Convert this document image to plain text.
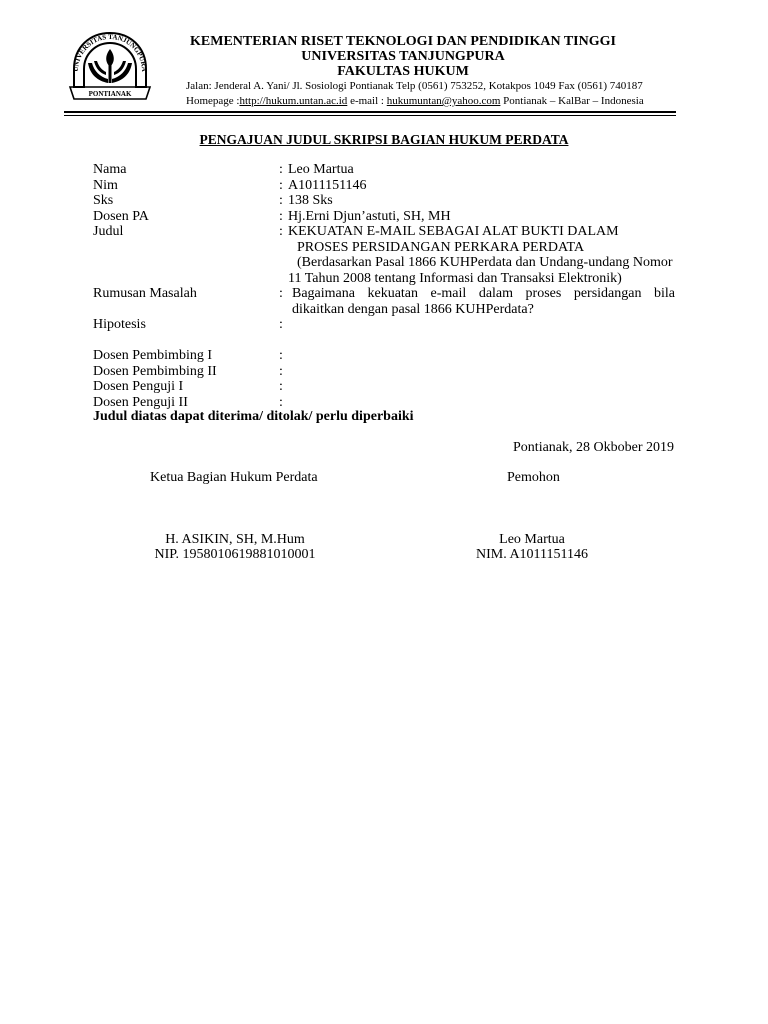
UNIVERSITAS TANJUNGPURA
PONTIANAK
KEMENTERIAN RISET TEKNOLOGI DAN PENDIDIKAN TINGGI
UNIVERSITAS TANJUNGPURA
FAKULTAS HUKUM
Jalan: Jenderal A. Yani/ Jl. Sosiologi Pontianak Telp (0561) 753252, Kotakpos 1049 Fax (0561) 740187
Homepage :http://hukum.untan.ac.id e-mail : hukumuntan@yahoo.com Pontianak – KalBar – Indonesia
PENGAJUAN JUDUL SKRIPSI BAGIAN HUKUM PERDATA
Nama	: Leo Martua
Nim	: A1011151146
Sks	: 138 Sks
Dosen PA	: Hj.Erni Djun’astuti, SH, MH
Judul	: KEKUATAN E-MAIL SEBAGAI ALAT BUKTI DALAM
PROSES PERSIDANGAN PERKARA PERDATA
(Berdasarkan Pasal 1866 KUHPerdata dan Undang-undang Nomor
11 Tahun 2008 tentang Informasi dan Transaksi Elektronik)
Rumusan Masalah	: Bagaimana kekuatan e-mail dalam proses persidangan bila dikaitkan dengan pasal 1866 KUHPerdata?
Hipotesis	:
Dosen Pembimbing I	:
Dosen Pembimbing II	:
Dosen Penguji I	:
Dosen Penguji II	:
Judul diatas dapat diterima/ ditolak/ perlu diperbaiki
Pontianak, 28 Okbober 2019
Ketua Bagian Hukum Perdata	Pemohon
H. ASIKIN, SH, M.Hum
NIP. 1958010619881010001
Leo Martua
NIM. A1011151146
